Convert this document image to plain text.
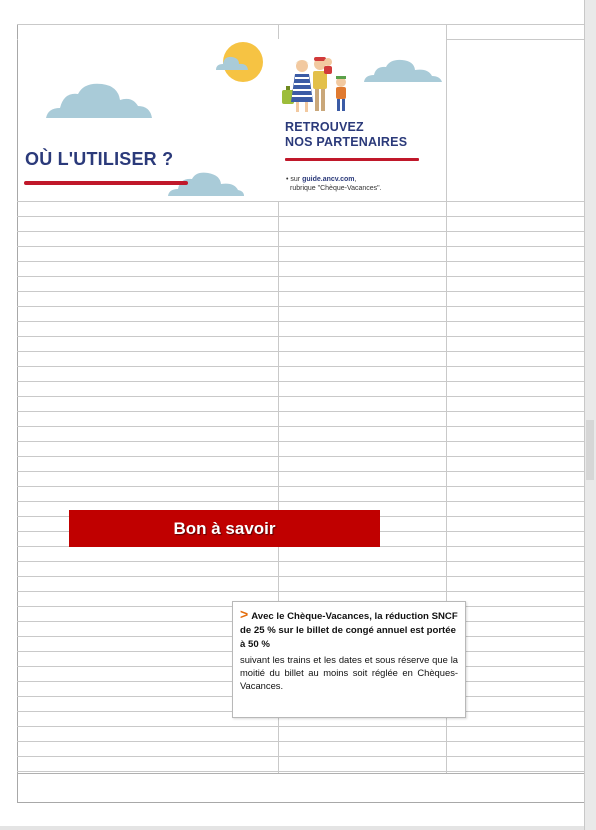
OÙ L'UTILISER ?
RETROUVEZ
NOS PARTENAIRES
• sur guide.ancv.com,
rubrique "Chèque-Vacances".
Bon à savoir
> Avec le Chèque-Vacances, la réduction SNCF de 25 % sur le billet de congé annuel est portée à 50 %
suivant les trains et les dates et sous réserve que la moitié du billet au moins soit réglée en Chèques-Vacances.
